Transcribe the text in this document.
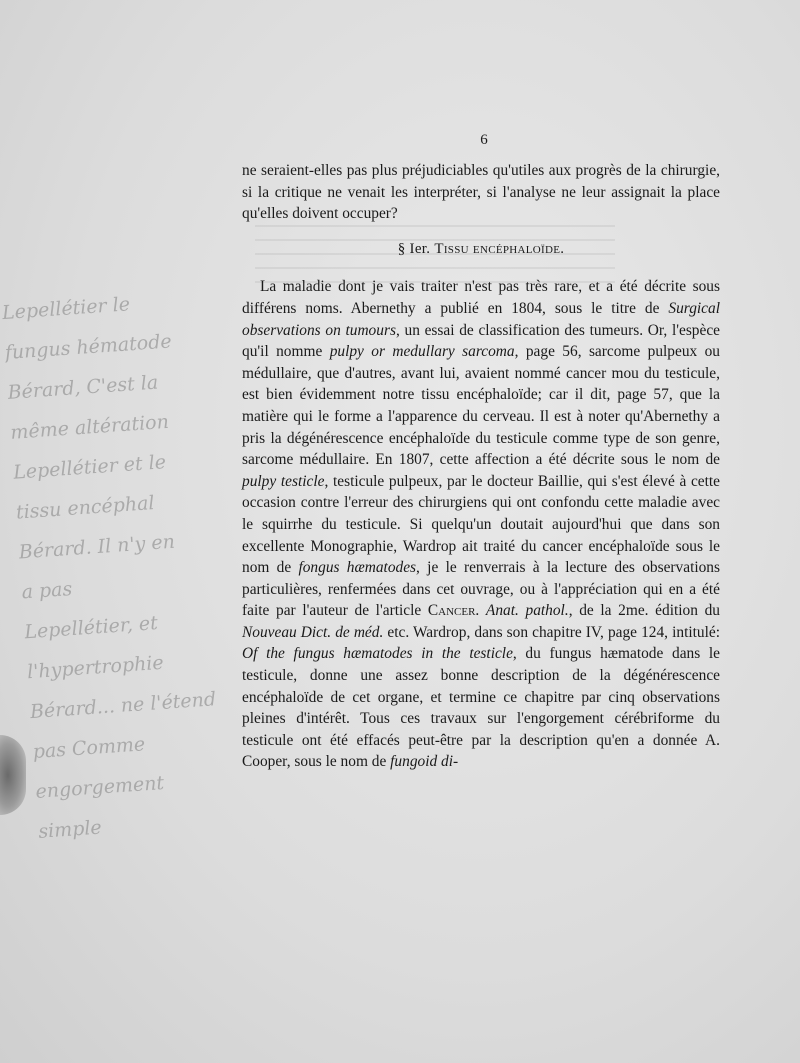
Lepellétier le
fungus hématode
Bérard, C'est la
même altération
Lepellétier et le
tissu encéphal
Bérard. Il n'y en
a pas
Lepellétier, et
l'hypertrophie
Bérard... ne l'étend
pas Comme
engorgement
simple
6

ne seraient-elles pas plus préjudiciables qu'utiles aux progrès de la chirurgie, si la critique ne venait les interpréter, si l'analyse ne leur assignait la place qu'elles doivent occuper?

§ Ier. Tissu encéphaloïde.

La maladie dont je vais traiter n'est pas très rare, et a été décrite sous différens noms. Abernethy a publié en 1804, sous le titre de Surgical observations on tumours, un essai de classification des tumeurs. Or, l'espèce qu'il nomme pulpy or medullary sarcoma, page 56, sarcome pulpeux ou médullaire, que d'autres, avant lui, avaient nommé cancer mou du testicule, est bien évidemment notre tissu encéphaloïde; car il dit, page 57, que la matière qui le forme a l'apparence du cerveau. Il est à noter qu'Abernethy a pris la dégénérescence encéphaloïde du testicule comme type de son genre, sarcome médullaire. En 1807, cette affection a été décrite sous le nom de pulpy testicle, testicule pulpeux, par le docteur Baillie, qui s'est élevé à cette occasion contre l'erreur des chirurgiens qui ont confondu cette maladie avec le squirrhe du testicule. Si quelqu'un doutait aujourd'hui que dans son excellente Monographie, Wardrop ait traité du cancer encéphaloïde sous le nom de fongus hæmatodes, je le renverrais à la lecture des observations particulières, renfermées dans cet ouvrage, ou à l'appréciation qui en a été faite par l'auteur de l'article Cancer. Anat. pathol., de la 2me. édition du Nouveau Dict. de méd. etc. Wardrop, dans son chapitre IV, page 124, intitulé: Of the fungus hæmatodes in the testicle, du fungus hæmatode dans le testicule, donne une assez bonne description de la dégénérescence encéphaloïde de cet organe, et termine ce chapitre par cinq observations pleines d'intérêt. Tous ces travaux sur l'engorgement cérébriforme du testicule ont été effacés peut-être par la description qu'en a donnée A. Cooper, sous le nom de fungoid di-
